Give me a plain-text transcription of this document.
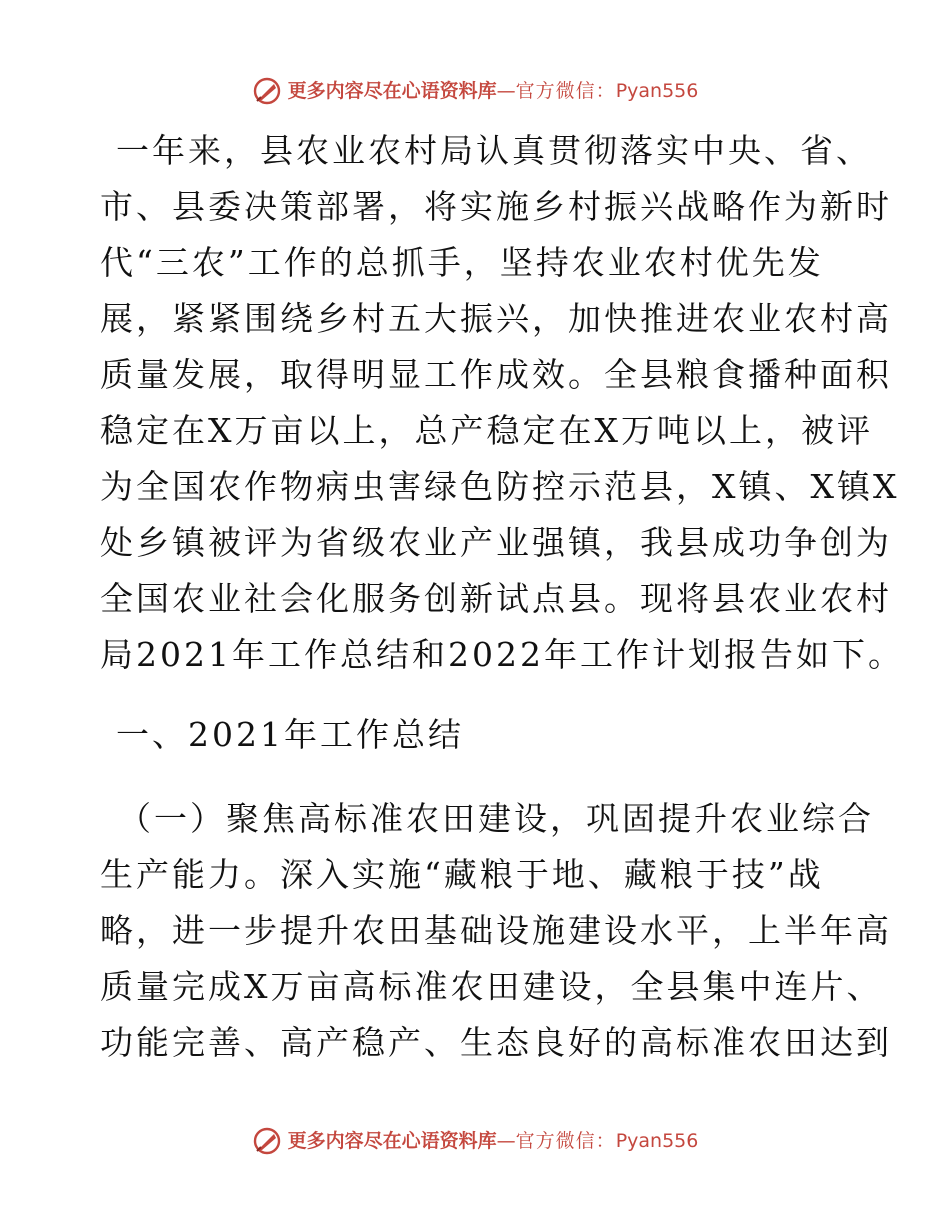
更多内容尽在心语资料库 — 官方微信： Pyan556
一年来，县农业农村局认真贯彻落实中央、省、
市、县委决策部署，将实施乡村振兴战略作为新时
代“三农”工作的总抓手，坚持农业农村优先发
展，紧紧围绕乡村五大振兴，加快推进农业农村高
质量发展，取得明显工作成效。全县粮食播种面积
稳定在X万亩以上，总产稳定在X万吨以上，被评
为全国农作物病虫害绿色防控示范县，X镇、X镇X
处乡镇被评为省级农业产业强镇，我县成功争创为
全国农业社会化服务创新试点县。现将县农业农村
局2021年工作总结和2022年工作计划报告如下。
一、2021年工作总结
（一）聚焦高标准农田建设，巩固提升农业综合
生产能力。深入实施“藏粮于地、藏粮于技”战
略，进一步提升农田基础设施建设水平，上半年高
质量完成X万亩高标准农田建设，全县集中连片、
功能完善、高产稳产、生态良好的高标准农田达到
更多内容尽在心语资料库 — 官方微信： Pyan556
